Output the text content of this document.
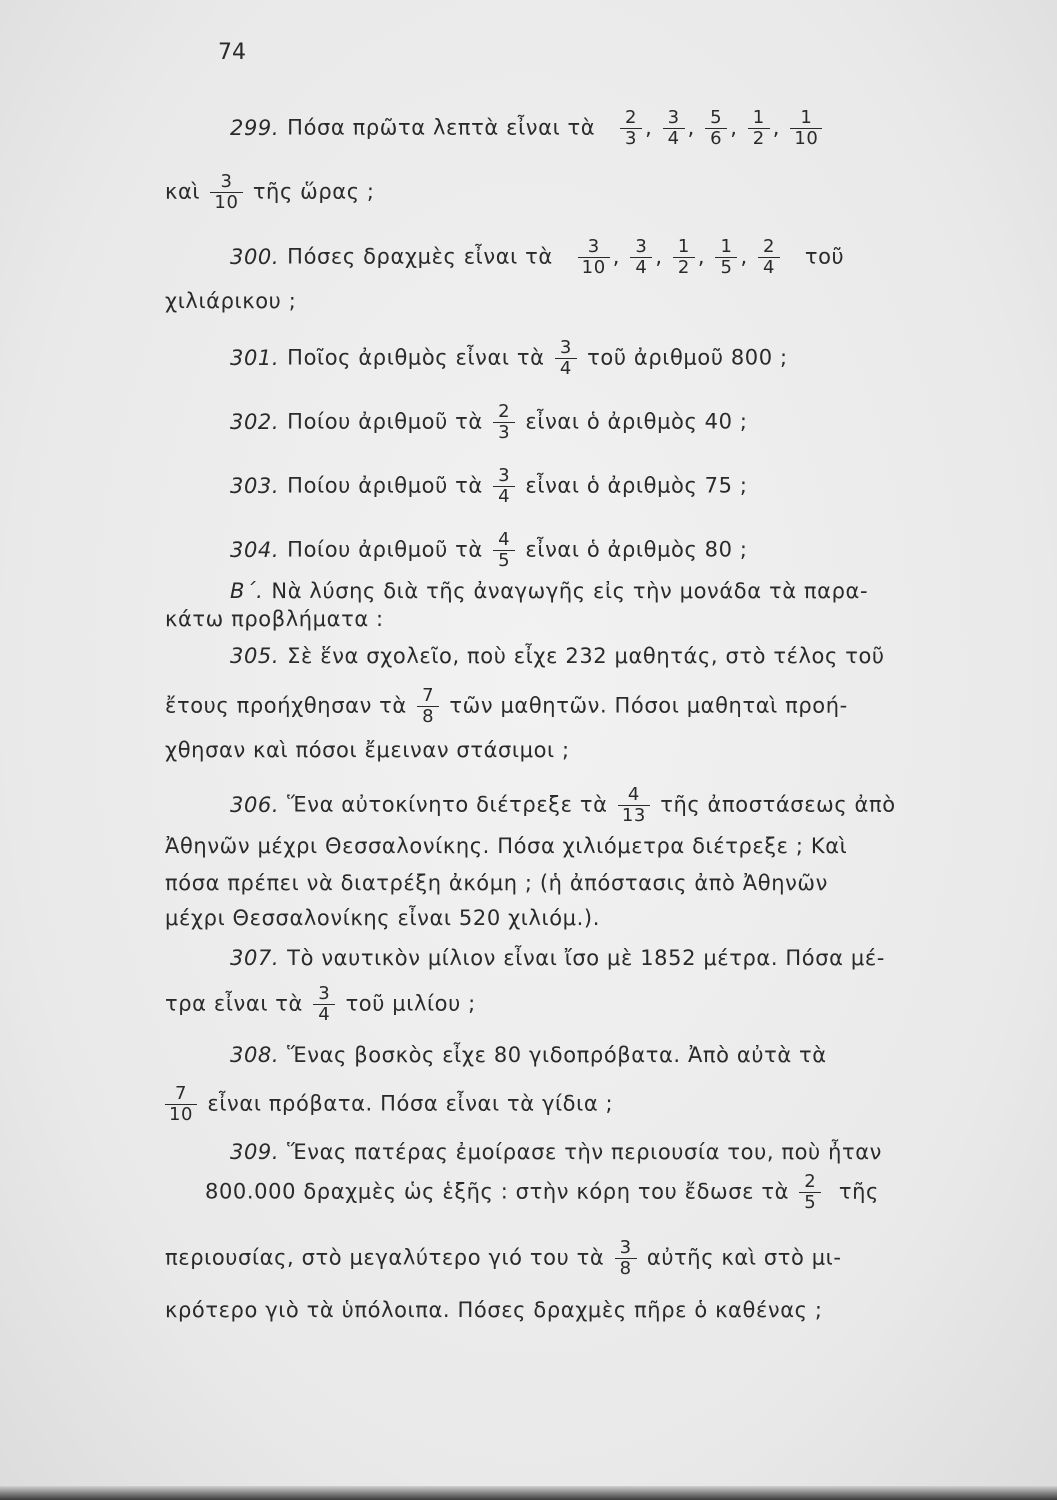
74
299. Πόσα πρῶτα λεπτὰ εἶναι τὰ $\frac{2}{3}$ , $\frac{3}{4}$ , $\frac{5}{6}$ , $\frac{1}{2}$ , $\frac{1}{10}$
καὶ $\frac{3}{10}$ τῆς ὥρας ;
300. Πόσες δραχμὲς εἶναι τὰ $\frac{3}{10}$ , $\frac{3}{4}$ , $\frac{1}{2}$ , $\frac{1}{5}$ , $\frac{2}{4}$ τοῦ
χιλιάρικου ;
301. Ποῖος ἀριθμὸς εἶναι τὰ $\frac{3}{4}$ τοῦ ἀριθμοῦ 800 ;
302. Ποίου ἀριθμοῦ τὰ $\frac{2}{3}$ εἶναι ὁ ἀριθμὸς 40 ;
303. Ποίου ἀριθμοῦ τὰ $\frac{3}{4}$ εἶναι ὁ ἀριθμὸς 75 ;
304. Ποίου ἀριθμοῦ τὰ $\frac{4}{5}$ εἶναι ὁ ἀριθμὸς 80 ;
Β΄. Νὰ λύσης διὰ τῆς ἀναγωγῆς εἰς τὴν μονάδα τὰ παρα-
κάτω προβλήματα :
305. Σὲ ἕνα σχολεῖο, ποὺ εἶχε 232 μαθητάς, στὸ τέλος τοῦ
ἔτους προήχθησαν τὰ $\frac{7}{8}$ τῶν μαθητῶν. Πόσοι μαθηταὶ προή-
χθησαν καὶ πόσοι ἔμειναν στάσιμοι ;
306. Ἕνα αὐτοκίνητο διέτρεξε τὰ $\frac{4}{13}$ τῆς ἀποστάσεως ἀπὸ
Ἀθηνῶν μέχρι Θεσσαλονίκης. Πόσα χιλιόμετρα διέτρεξε ; Καὶ
πόσα πρέπει νὰ διατρέξη ἀκόμη ; (ἡ ἀπόστασις ἀπὸ Ἀθηνῶν
μέχρι Θεσσαλονίκης εἶναι 520 χιλιόμ.).
307. Τὸ ναυτικὸν μίλιον εἶναι ἴσο μὲ 1852 μέτρα. Πόσα μέ-
τρα εἶναι τὰ $\frac{3}{4}$ τοῦ μιλίου ;
308. Ἕνας βοσκὸς εἶχε 80 γιδοπρόβατα. Ἀπὸ αὐτὰ τὰ
$\frac{7}{10}$ εἶναι πρόβατα. Πόσα εἶναι τὰ γίδια ;
309. Ἕνας πατέρας ἐμοίρασε τὴν περιουσία του, ποὺ ἦταν
800.000 δραχμὲς ὡς ἑξῆς : στὴν κόρη του ἔδωσε τὰ $\frac{2}{5}$ τῆς
περιουσίας, στὸ μεγαλύτερο γιό του τὰ $\frac{3}{8}$ αὐτῆς καὶ στὸ μι-
κρότερο γιὸ τὰ ὑπόλοιπα. Πόσες δραχμὲς πῆρε ὁ καθένας ;
